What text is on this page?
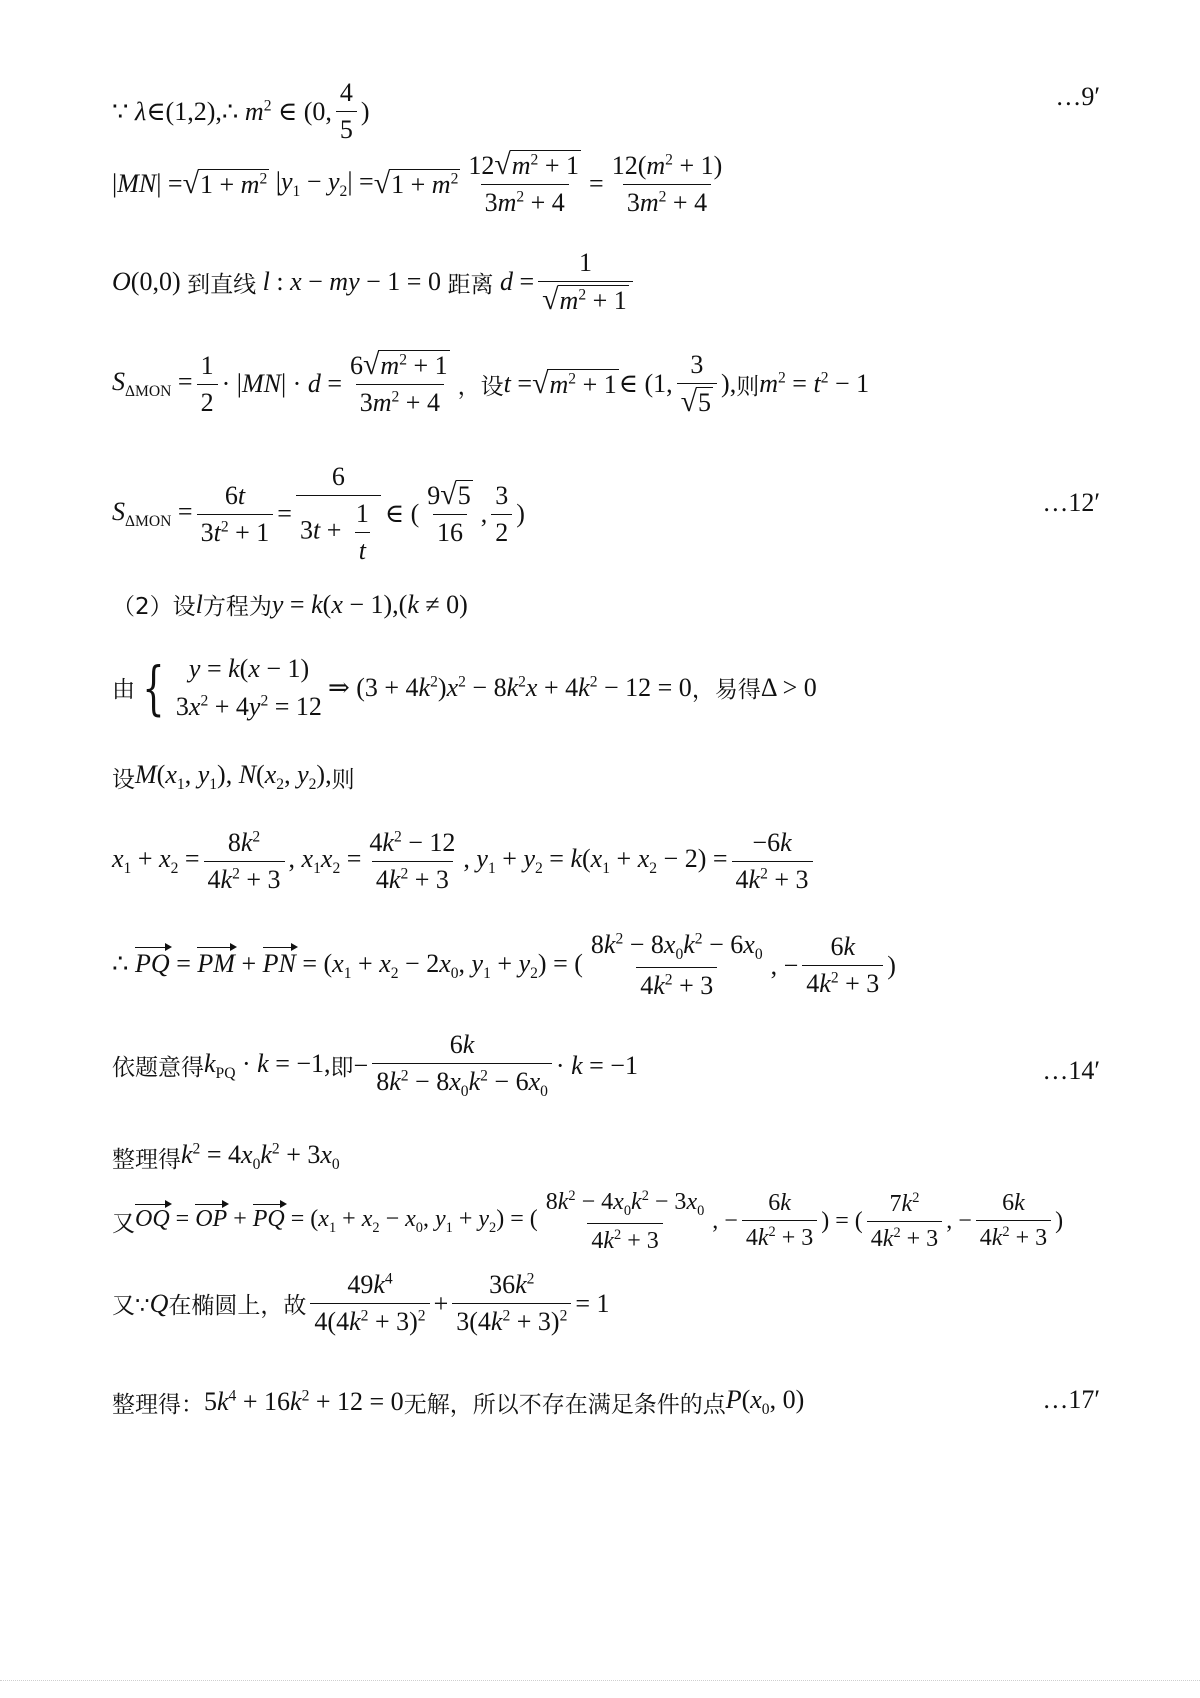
∵ λ∈(1,2),∴ $m^2$ ∈ (0, $\frac{4}{5}$ )	…9′
|MN| = √ $1 + m^2$ $|y_1 - y_2|$ = √ $1 + m^2 \frac{12 √ m^2 + 1}{3m^2 + 4} = \frac{12(m^2 + 1)}{3m^2 + 4}$
O(0,0) 到直线 l : x − my − 1 = 0 距离 $d = \frac{1}{√ m^2 + 1}$
$S_{\Delta MON} = \frac{1}{2} \cdot |MN| \cdot d = \frac{6 √ m^2 + 1}{3m^2 + 4}$ ，设 t = √ $m^2 + 1$ ∈ (1, $\frac{3}{√ 5}$ ), 则 $m^2 = t^2 - 1$
$S_{\Delta MON} = \frac{6t}{3t^2 + 1} = \frac{6}{3t + \frac{1}{t}}$ ∈ ( $\frac{9 √ 5}{16}$ , $\frac{3}{2}$ )	…12′
（2）设 l 方程为 y = k(x − 1),(k ≠ 0)
由 { y = k(x − 1)
$3x^2 + 4y^2 = 12$
⇒ $(3 + 4k^2)x^2 - 8k^2x + 4k^2 - 12 = 0$ ，易得 Δ > 0
设 $M(x_1$, $y_1$), $N(x_2$, $y_2$), 则
$x_1 + x_2 = \frac{8k^2}{4k^2 + 3}$ , $x_1x_2 = \frac{4k^2 - 12}{4k^2 + 3}$ , $y_1 + y_2 = k(x_1 + x_2 - 2) = \frac{-6k}{4k^2 + 3}$
∴ PQ = PM + PN = ($x_1 + x_2 - 2x_0$, $y_1 + y_2$) = ( $\frac{8k^2 - 8x_0k^2 - 6x_0}{4k^2 + 3}$ , − $\frac{6k}{4k^2 + 3}$ )
依题意得 $k_{PQ} \cdot k = -1$, 即 − $\frac{6k}{8k^2 - 8x_0k^2 - 6x_0} \cdot k = -1$	…14′
整理得 $k^2 = 4x_0k^2 + 3x_0$
又 OQ = OP + PQ = ($x_1 + x_2 - x_0$, $y_1 + y_2$) = ( $\frac{8k^2 - 4x_0k^2 - 3x_0}{4k^2 + 3}$ , − $\frac{6k}{4k^2 + 3}$ ) = ( $\frac{7k^2}{4k^2 + 3}$ , − $\frac{6k}{4k^2 + 3}$ )
又∵ Q 在椭圆上，故 $\frac{49k^4}{4(4k^2 + 3)^2} + \frac{36k^2}{3(4k^2 + 3)^2} = 1$
整理得： $5k^4 + 16k^2 + 12 = 0$ 无解，所以不存在满足条件的点 $P(x_0$, 0)	…17′
